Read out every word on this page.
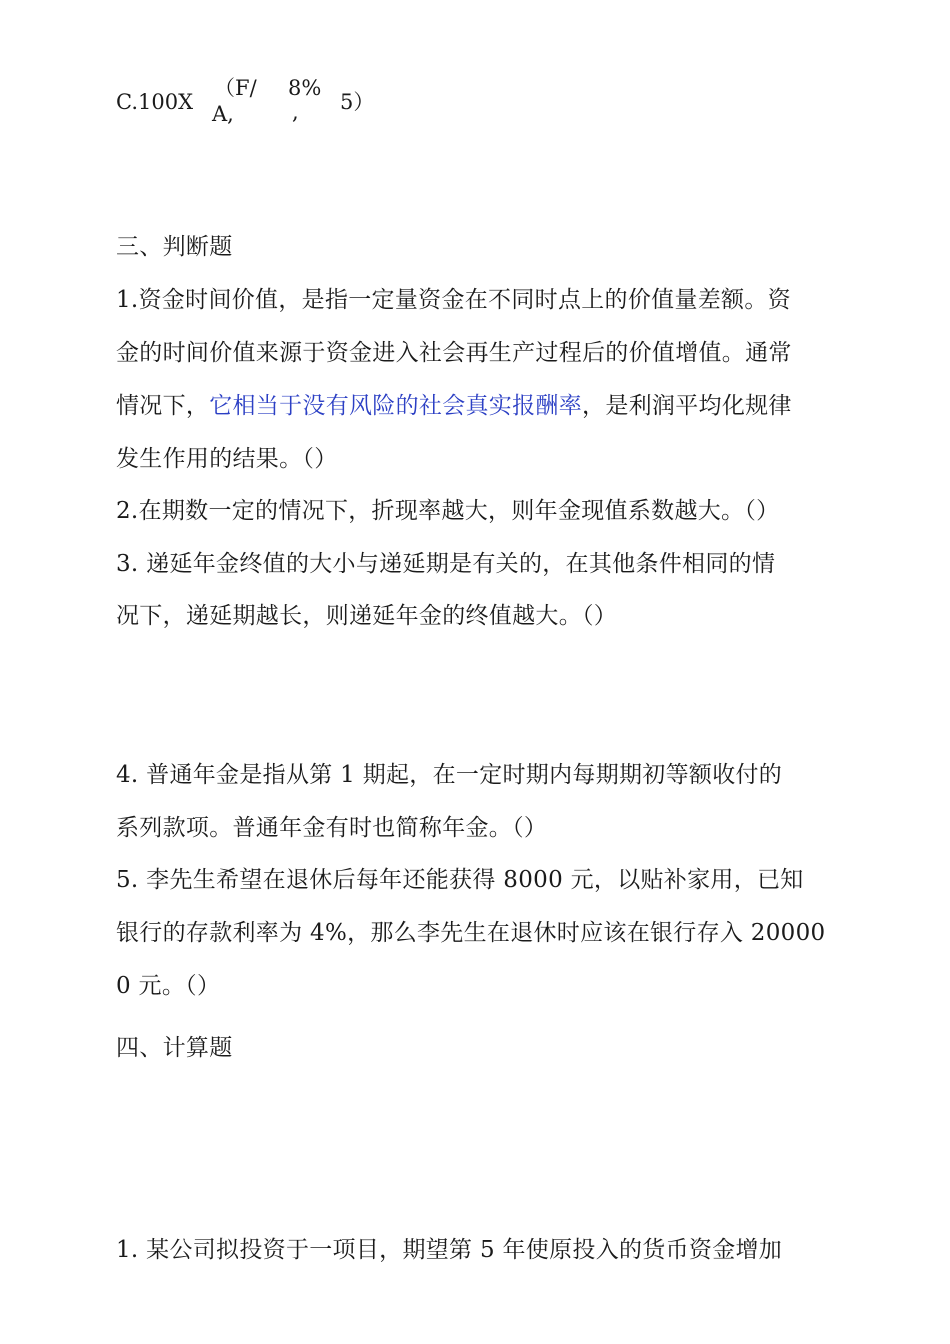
C.100X
（F/
A,
8%
, 5）
三、判断题
1.资金时间价值，是指一定量资金在不同时点上的价值量差额。资
金的时间价值来源于资金进入社会再生产过程后的价值增值。通常
情况下，它相当于没有风险的社会真实报酬率，是利润平均化规律
发生作用的结果。（）
2.在期数一定的情况下，折现率越大，则年金现值系数越大。（）
3. 递延年金终值的大小与递延期是有关的，在其他条件相同的情
况下，递延期越长，则递延年金的终值越大。（）
4. 普通年金是指从第 1 期起，在一定时期内每期期初等额收付的
系列款项。普通年金有时也简称年金。（）
5. 李先生希望在退休后每年还能获得 8000 元，以贴补家用，已知
银行的存款利率为 4%，那么李先生在退休时应该在银行存入 20000
0 元。（）
四、计算题
1. 某公司拟投资于一项目，期望第 5 年使原投入的货币资金增加
